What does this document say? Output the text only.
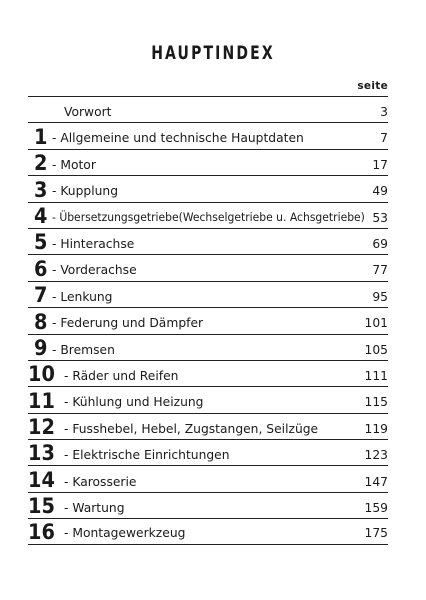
HAUPTINDEX
seite
Vorwort	3
1 - Allgemeine und technische Hauptdaten	7
2 - Motor	17
3 - Kupplung	49
4 - Übersetzungsgetriebe(Wechselgetriebe u. Achsgetriebe) 53
5 - Hinterachse	69
6 - Vorderachse	77
7 - Lenkung	95
8 - Federung und Dämpfer	101
9 - Bremsen	105
10 - Räder und Reifen	111
11 - Kühlung und Heizung	115
12 - Fusshebel, Hebel, Zugstangen, Seilzüge	119
13 - Elektrische Einrichtungen	123
14 - Karosserie	147
15 - Wartung	159
16 - Montagewerkzeug	175
